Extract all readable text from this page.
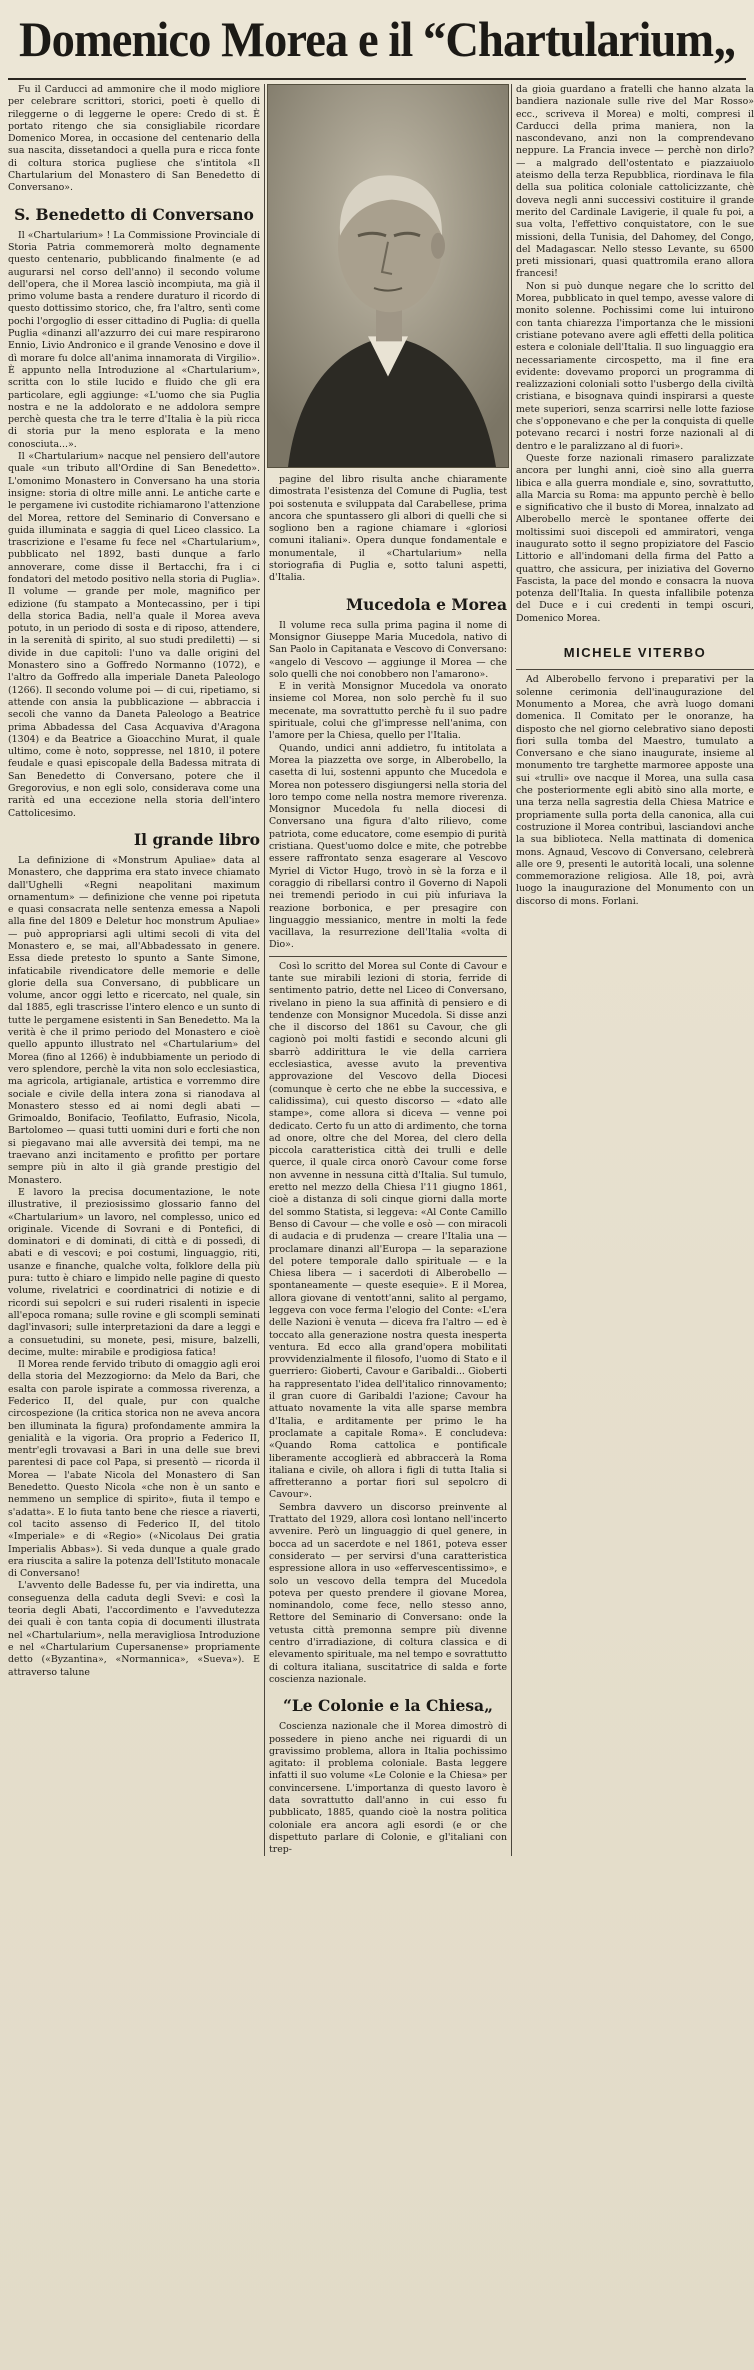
Domenico Morea e il “Chartularium„

Fu il Carducci ad ammonire che il modo migliore per celebrare scrittori, storici, poeti è quello di rileggerne o di leggerne le opere: Credo di st. È portato ritengo che sia consigliabile ricordare Domenico Morea, in occasione del centenario della sua nascita, dissetandoci a quella pura e ricca fonte di coltura storica pugliese che s'intitola «Il Chartularium del Monastero di San Benedetto di Conversano».

S. Benedetto di Conversano

Il «Chartularium» ! La Commissione Provinciale di Storia Patria commemorerà molto degnamente questo centenario, pubblicando finalmente (e ad augurarsi nel corso dell'anno) il secondo volume dell'opera, che il Morea lasciò incompiuta, ma già il primo volume basta a rendere duraturo il ricordo di questo dottissimo storico, che, fra l'altro, sentì come pochi l'orgoglio di esser cittadino di Puglia: di quella Puglia «dinanzi all'azzurro dei cui mare respirarono Ennio, Livio Andronico e il grande Venosino e dove il dì morare fu dolce all'anima innamorata di Virgilio». È appunto nella Introduzione al «Chartularium», scritta con lo stile lucido e fluido che gli era particolare, egli aggiunge: «L'uomo che sia Puglia nostra e ne la addolorato e ne addolora sempre perchè questa che tra le terre d'Italia è la più ricca di storia pur la meno esplorata e la meno conosciuta...».

Il «Chartularium» nacque nel pensiero dell'autore quale «un tributo all'Ordine di San Benedetto». L'omonimo Monastero in Conversano ha una storia insigne: storia di oltre mille anni. Le antiche carte e le pergamene ivi custodite richiamarono l'attenzione del Morea, rettore del Seminario di Conversano e guida illuminata e saggia di quel Liceo classico. La trascrizione e l'esame fu fece nel «Chartularium», pubblicato nel 1892, basti dunque a farlo annoverare, come disse il Bertacchi, fra i ci fondatori del metodo positivo nella storia di Puglia». Il volume — grande per mole, magnifico per edizione (fu stampato a Montecassino, per i tipi della storica Badia, nell'a quale il Morea aveva potuto, in un periodo di sosta e di riposo, attendere, in la serenità di spirito, al suo studi prediletti) — si divide in due capitoli: l'uno va dalle origini del Monastero sino a Goffredo Normanno (1072), e l'altro da Goffredo alla imperiale Daneta Paleologo (1266). Il secondo volume poi — di cui, ripetiamo, si attende con ansia la pubblicazione — abbraccia i secoli che vanno da Daneta Paleologo a Beatrice prima Abbadessa del Casa Acquaviva d'Aragona (1304) e da Beatrice a Gioacchino Murat, il quale ultimo, come è noto, soppresse, nel 1810, il potere feudale e quasi episcopale della Badessa mitrata di San Benedetto di Conversano, potere che il Gregorovius, e non egli solo, considerava come una rarità ed una eccezione nella storia dell'intero Cattolicesimo.

Il grande libro

La definizione di «Monstrum Apuliae» data al Monastero, che dapprima era stato invece chiamato dall'Ughelli «Regni neapolitani maximum ornamentum» — definizione che venne poi ripetuta e quasi consacrata nelle sentenza emessa a Napoli alla fine del 1809 e Deletur hoc monstrum Apuliae» — può appropriarsi agli ultimi secoli di vita del Monastero e, se mai, all'Abbadessato in genere. Essa diede pretesto lo spunto a Sante Simone, infaticabile rivendicatore delle memorie e delle glorie della sua Conversano, di pubblicare un volume, ancor oggi letto e ricercato, nel quale, sin dal 1885, egli trascrisse l'intero elenco e un sunto di tutte le pergamene esistenti in San Benedetto. Ma la verità è che il primo periodo del Monastero e cioè quello appunto illustrato nel «Chartularium» del Morea (fino al 1266) è indubbiamente un periodo di vero splendore, perchè la vita non solo ecclesiastica, ma agricola, artigianale, artistica e vorremmo dire sociale e civile della intera zona si rianodava al Monastero stesso ed ai nomi degli abati — Grimoaldo, Bonifacio, Teofilatto, Eufrasio, Nicola, Bartolomeo — quasi tutti uomini duri e forti che non si piegavano mai alle avversità dei tempi, ma ne traevano anzi incitamento e profitto per portare sempre più in alto il già grande prestigio del Monastero.

E lavoro la precisa documentazione, le note illustrative, il preziosissimo glossario fanno del «Chartularium» un lavoro, nel complesso, unico ed originale. Vicende di Sovrani e di Pontefici, di dominatori e di dominati, di città e di possedì, di abati e di vescovi; e poi costumi, linguaggio, riti, usanze e finanche, qualche volta, folklore della più pura: tutto è chiaro e limpido nelle pagine di questo volume, rivelatrici e coordinatrici di notizie e di ricordi sui sepolcri e sui ruderi risalenti in ispecie all'epoca romana; sulle rovine e gli scompli seminati dagl'invasori; sulle interpretazioni da dare a leggi e a consuetudini, su monete, pesi, misure, balzelli, decime, multe: mirabile e prodigiosa fatica!

Il Morea rende fervido tributo di omaggio agli eroi della storia del Mezzogiorno: da Melo da Bari, che esalta con parole ispirate a commossa riverenza, a Federico II, del quale, pur con qualche circospezione (la critica storica non ne aveva ancora ben illuminata la figura) profondamente ammira la genialità e la vigoria. Ora proprio a Federico II, mentr'egli trovavasi a Bari in una delle sue brevi parentesi di pace col Papa, si presentò — ricorda il Morea — l'abate Nicola del Monastero di San Benedetto. Questo Nicola «che non è un santo e nemmeno un semplice di spirito», fiuta il tempo e s'adatta». E lo fiuta tanto bene che riesce a riaverti, col tacito assenso di Federico II, del titolo «Imperiale» e di «Regio» («Nicolaus Dei gratia Imperialis Abbas»). Si veda dunque a quale grado era riuscita a salire la potenza dell'Istituto monacale di Conversano!

L'avvento delle Badesse fu, per via indiretta, una conseguenza della caduta degli Svevi: e così la teoria degli Abati, l'accordimento e l'avvedutezza dei quali è con tanta copia di documenti illustrata nel «Chartularium», nella meravigliosa Introduzione e nel «Chartularium Cupersanense» propriamente detto («Byzantina», «Normannica», «Sueva»). E attraverso talune

pagine del libro risulta anche chiaramente dimostrata l'esistenza del Comune di Puglia, test poi sostenuta e sviluppata dal Carabellese, prima ancora che spuntassero gli albori di quelli che si sogliono ben a ragione chiamare i «gloriosi comuni italiani». Opera dunque fondamentale e monumentale, il «Chartularium» nella storiografia di Puglia e, sotto taluni aspetti, d'Italia.

Mucedola e Morea

Il volume reca sulla prima pagina il nome di Monsignor Giuseppe Maria Mucedola, nativo di San Paolo in Capitanata e Vescovo di Conversano: «angelo di Vescovo — aggiunge il Morea — che solo quelli che noi conobbero non l'amarono».

E in verità Monsignor Mucedola va onorato insieme col Morea, non solo perchè fu il suo mecenate, ma sovrattutto perchè fu il suo padre spirituale, colui che gl'impresse nell'anima, con l'amore per la Chiesa, quello per l'Italia.

Quando, undici anni addietro, fu intitolata a Morea la piazzetta ove sorge, in Alberobello, la casetta di lui, sostenni appunto che Mucedola e Morea non potessero disgiungersi nella storia del loro tempo come nella nostra memore riverenza. Monsignor Mucedola fu nella diocesi di Conversano una figura d'alto rilievo, come patriota, come educatore, come esempio di purità cristiana. Quest'uomo dolce e mite, che potrebbe essere raffrontato senza esagerare al Vescovo Myriel di Victor Hugo, trovò in sè la forza e il coraggio di ribellarsi contro il Governo di Napoli nei tremendi periodo in cui più infuriava la reazione borbonica, e per presagire con linguaggio messianico, mentre in molti la fede vacillava, la resurrezione dell'Italia «volta di Dio».

Così lo scritto del Morea sul Conte di Cavour e tante sue mirabili lezioni di storia, ferride di sentimento patrio, dette nel Liceo di Conversano, rivelano in pieno la sua affinità di pensiero e di tendenze con Monsignor Mucedola. Si disse anzi che il discorso del 1861 su Cavour, che gli cagionò poi molti fastidi e secondo alcuni gli sbarrò addirittura le vie della carriera ecclesiastica, avesse avuto la preventiva approvazione del Vescovo della Diocesi (comunque è certo che ne ebbe la successiva, e calidissima), cui questo discorso — «dato alle stampe», come allora si diceva — venne poi dedicato. Certo fu un atto di ardimento, che torna ad onore, oltre che del Morea, del clero della piccola caratteristica città dei trulli e delle querce, il quale circa onorò Cavour come forse non avvenne in nessuna città d'Italia. Sul tumulo, eretto nel mezzo della Chiesa l'11 giugno 1861, cioè a distanza di soli cinque giorni dalla morte del sommo Statista, si leggeva: «Al Conte Camillo Benso di Cavour — che volle e osò — con miracoli di audacia e di prudenza — creare l'Italia una — proclamare dinanzi all'Europa — la separazione del potere temporale dallo spirituale — e la Chiesa libera — i sacerdoti di Alberobello — spontaneamente — queste esequie». E il Morea, allora giovane di ventott'anni, salito al pergamo, leggeva con voce ferma l'elogio del Conte: «L'era delle Nazioni è venuta — diceva fra l'altro — ed è toccato alla generazione nostra questa inesperta ventura. Ed ecco alla grand'opera mobilitati provvidenzialmente il filosofo, l'uomo di Stato e il guerriero: Gioberti, Cavour e Garibaldi... Gioberti ha rappresentato l'idea dell'italico rinnovamento; il gran cuore di Garibaldi l'azione; Cavour ha attuato novamente la vita alle sparse membra d'Italia, e arditamente per primo le ha proclamate a capitale Roma». E concludeva: «Quando Roma cattolica e pontificale liberamente accoglierà ed abbraccerà la Roma italiana e civile, oh allora i figli di tutta Italia si affretteranno a portar fiori sul sepolcro di Cavour».

Sembra davvero un discorso preinvente al Trattato del 1929, allora così lontano nell'incerto avvenire. Però un linguaggio di quel genere, in bocca ad un sacerdote e nel 1861, poteva esser considerato — per servirsi d'una caratteristica espressione allora in uso «effervescentissimo», e solo un vescovo della tempra del Mucedola poteva per questo prendere il giovane Morea, nominandolo, come fece, nello stesso anno, Rettore del Seminario di Conversano: onde la vetusta città premonna sempre più divenne centro d'irradiazione, di coltura classica e di elevamento spirituale, ma nel tempo e sovrattutto di coltura italiana, suscitatrice di salda e forte coscienza nazionale.

“Le Colonie e la Chiesa„

Coscienza nazionale che il Morea dimostrò di possedere in pieno anche nei riguardi di un gravissimo problema, allora in Italia pochissimo agitato: il problema coloniale. Basta leggere infatti il suo volume «Le Colonie e la Chiesa» per convincersene. L'importanza di questo lavoro è data sovrattutto dall'anno in cui esso fu pubblicato, 1885, quando cioè la nostra politica coloniale era ancora agli esordi (e or che dispettuto parlare di Colonie, e gl'italiani con trep-

da gioia guardano a fratelli che hanno alzata la bandiera nazionale sulle rive del Mar Rosso» ecc., scriveva il Morea) e molti, compresi il Carducci della prima maniera, non la nascondevano, anzi non la comprendevano neppure. La Francia invece — perchè non dirlo? — a malgrado dell'ostentato e piazzaiuolo ateismo della terza Repubblica, riordinava le fila della sua politica coloniale cattolicizzante, chè doveva negli anni successivi costituire il grande merito del Cardinale Lavigerie, il quale fu poi, a sua volta, l'effettivo conquistatore, con le sue missioni, della Tunisia, del Dahomey, del Congo, del Madagascar. Nello stesso Levante, su 6500 preti missionari, quasi quattromila erano allora francesi!

Non si può dunque negare che lo scritto del Morea, pubblicato in quel tempo, avesse valore di monito solenne. Pochissimi come lui intuirono con tanta chiarezza l'importanza che le missioni cristiane potevano avere agli effetti della politica estera e coloniale dell'Italia. Il suo linguaggio era necessariamente circospetto, ma il fine era evidente: dovevamo proporci un programma di realizzazioni coloniali sotto l'usbergo della civiltà cristiana, e bisognava quindi inspirarsi a queste mete superiori, senza scarrirsi nelle lotte faziose che s'opponevano e che per la conquista di quelle potevano recarci i nostri forze nazionali al di dentro e le paralizzano al di fuori».

Queste forze nazionali rimasero paralizzate ancora per lunghi anni, cioè sino alla guerra libica e alla guerra mondiale e, sino, sovrattutto, alla Marcia su Roma: ma appunto perchè è bello e significativo che il busto di Morea, innalzato ad Alberobello mercè le spontanee offerte dei moltissimi suoi discepoli ed ammiratori, venga inaugurato sotto il segno propiziatore del Fascio Littorio e all'indomani della firma del Patto a quattro, che assicura, per iniziativa del Governo Fascista, la pace del mondo e consacra la nuova potenza dell'Italia. In questa infallibile potenza del Duce e i cui credenti in tempi oscuri, Domenico Morea.

MICHELE VITERBO

Ad Alberobello fervono i preparativi per la solenne cerimonia dell'inaugurazione del Monumento a Morea, che avrà luogo domani domenica. Il Comitato per le onoranze, ha disposto che nel giorno celebrativo siano deposti fiori sulla tomba del Maestro, tumulato a Conversano e che siano inaugurate, insieme al monumento tre targhette marmoree apposte una sui «trulli» ove nacque il Morea, una sulla casa che posteriormente egli abitò sino alla morte, e una terza nella sagrestia della Chiesa Matrice e propriamente sulla porta della canonica, alla cui costruzione il Morea contribuì, lasciandovi anche la sua biblioteca. Nella mattinata di domenica mons. Agnaud, Vescovo di Conversano, celebrerà alle ore 9, presenti le autorità locali, una solenne commemorazione religiosa. Alle 18, poi, avrà luogo la inaugurazione del Monumento con un discorso di mons. Forlani.
